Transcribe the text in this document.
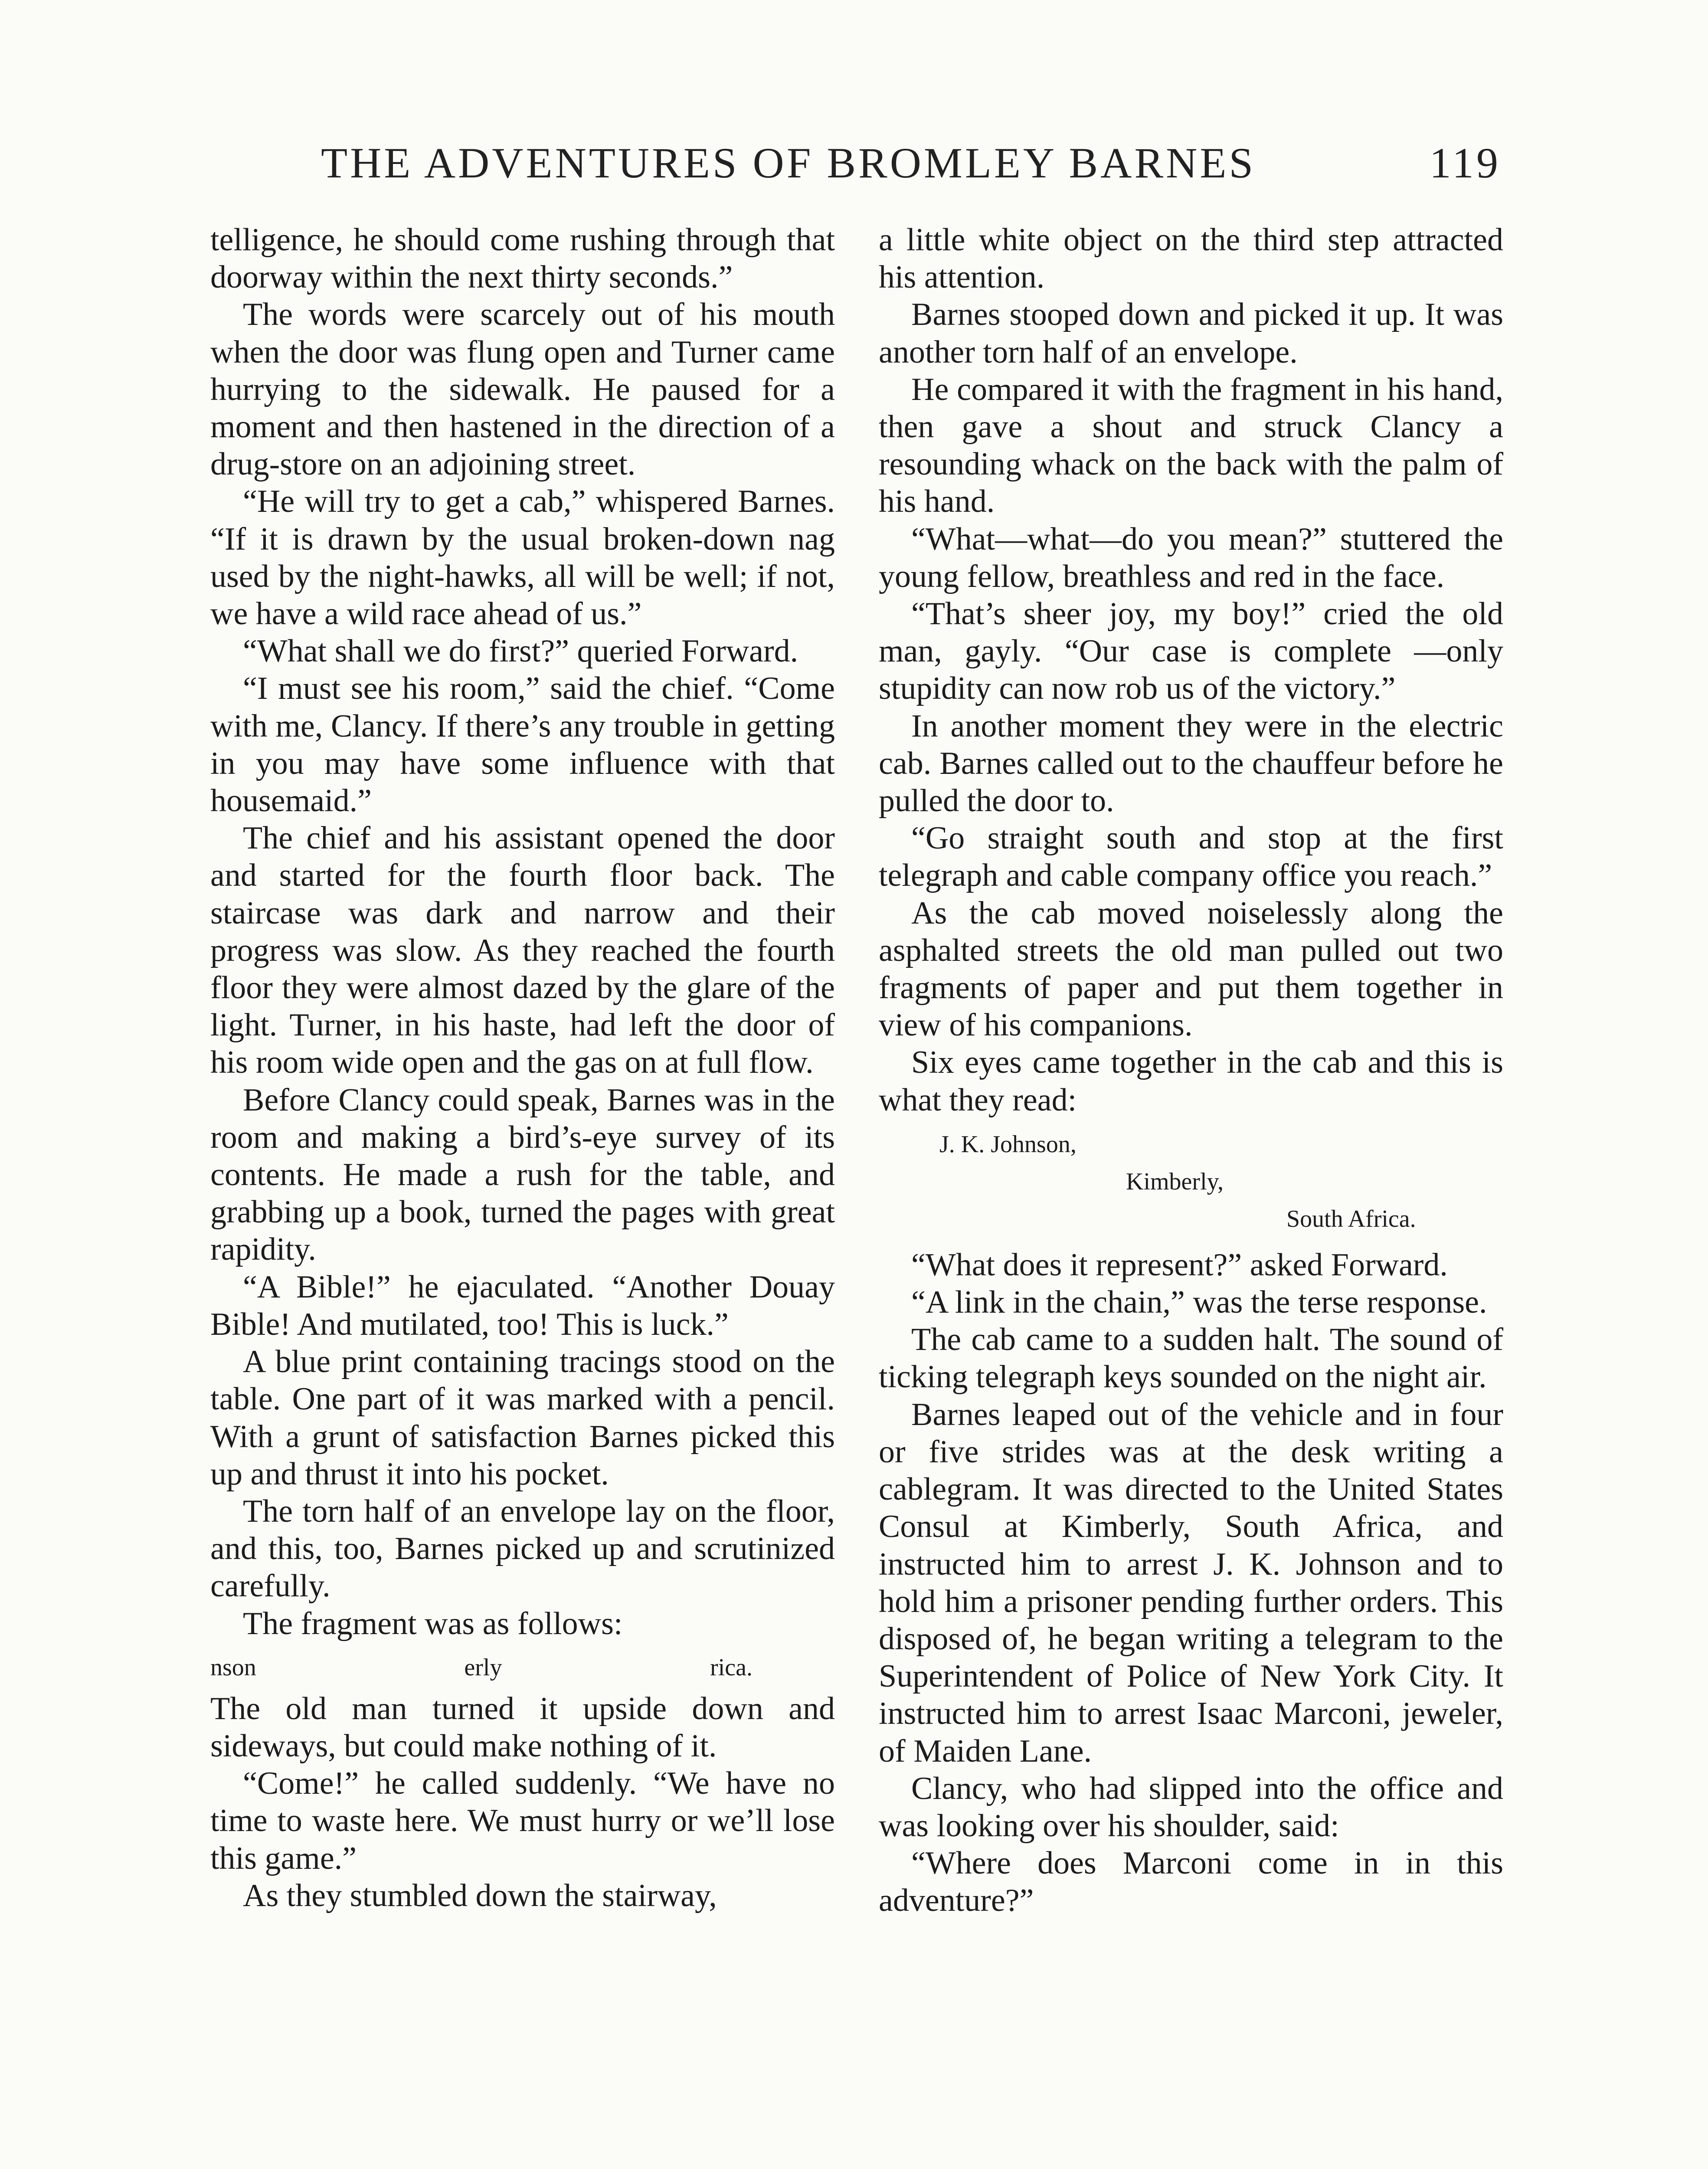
THE ADVENTURES OF BROMLEY BARNES	119

telligence, he should come rushing through that doorway within the next thirty seconds.”

The words were scarcely out of his mouth when the door was flung open and Turner came hurrying to the sidewalk. He paused for a moment and then hastened in the direction of a drug-store on an adjoining street.

“He will try to get a cab,” whispered Barnes. “If it is drawn by the usual broken-down nag used by the night-hawks, all will be well; if not, we have a wild race ahead of us.”

“What shall we do first?” queried Forward.

“I must see his room,” said the chief. “Come with me, Clancy. If there’s any trouble in getting in you may have some influence with that housemaid.”

The chief and his assistant opened the door and started for the fourth floor back. The staircase was dark and narrow and their progress was slow. As they reached the fourth floor they were almost dazed by the glare of the light. Turner, in his haste, had left the door of his room wide open and the gas on at full flow.

Before Clancy could speak, Barnes was in the room and making a bird’s-eye survey of its contents. He made a rush for the table, and grabbing up a book, turned the pages with great rapidity.

“A Bible!” he ejaculated. “Another Douay Bible! And mutilated, too! This is luck.”

A blue print containing tracings stood on the table. One part of it was marked with a pencil. With a grunt of satisfaction Barnes picked this up and thrust it into his pocket.

The torn half of an envelope lay on the floor, and this, too, Barnes picked up and scrutinized carefully.

The fragment was as follows:

nson	erly	rica.

The old man turned it upside down and sideways, but could make nothing of it.

“Come!” he called suddenly. “We have no time to waste here. We must hurry or we’ll lose this game.”

As they stumbled down the stairway,

a little white object on the third step attracted his attention.

Barnes stooped down and picked it up. It was another torn half of an envelope.

He compared it with the fragment in his hand, then gave a shout and struck Clancy a resounding whack on the back with the palm of his hand.

“What—what—do you mean?” stuttered the young fellow, breathless and red in the face.

“That’s sheer joy, my boy!” cried the old man, gayly. “Our case is complete —only stupidity can now rob us of the victory.”

In another moment they were in the electric cab. Barnes called out to the chauffeur before he pulled the door to.

“Go straight south and stop at the first telegraph and cable company office you reach.”

As the cab moved noiselessly along the asphalted streets the old man pulled out two fragments of paper and put them together in view of his companions.

Six eyes came together in the cab and this is what they read:

J. K. Johnson,
Kimberly,
South Africa.

“What does it represent?” asked Forward.

“A link in the chain,” was the terse response.

The cab came to a sudden halt. The sound of ticking telegraph keys sounded on the night air.

Barnes leaped out of the vehicle and in four or five strides was at the desk writing a cablegram. It was directed to the United States Consul at Kimberly, South Africa, and instructed him to arrest J. K. Johnson and to hold him a prisoner pending further orders. This disposed of, he began writing a telegram to the Superintendent of Police of New York City. It instructed him to arrest Isaac Marconi, jeweler, of Maiden Lane.

Clancy, who had slipped into the office and was looking over his shoulder, said:

“Where does Marconi come in in this adventure?”
